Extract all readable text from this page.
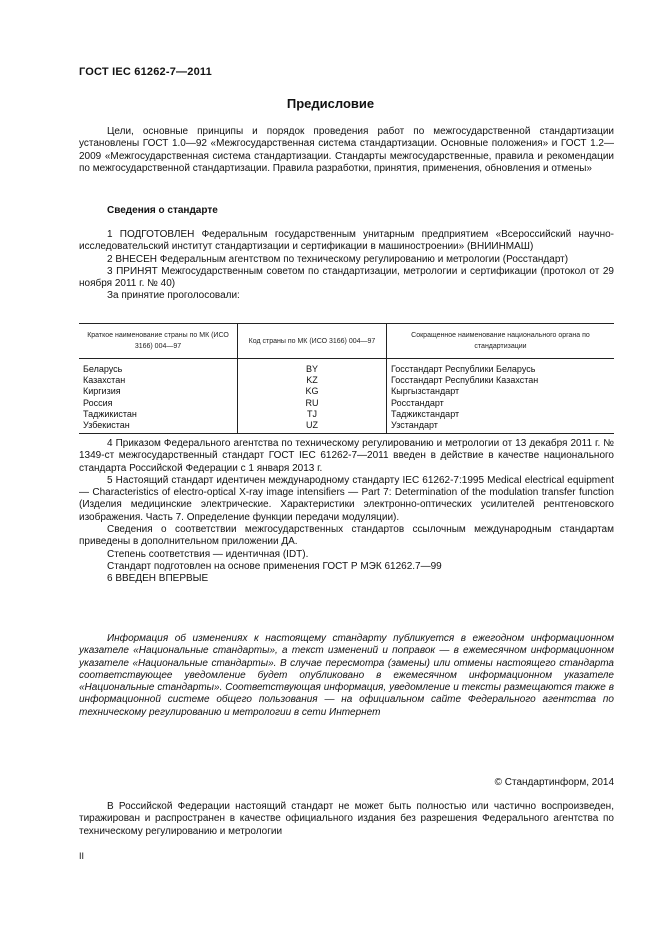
ГОСТ IEC 61262-7—2011
Предисловие

Цели, основные принципы и порядок проведения работ по межгосударственной стандартизации установлены ГОСТ 1.0—92 «Межгосударственная система стандартизации. Основные положения» и ГОСТ 1.2—2009 «Межгосударственная система стандартизации. Стандарты межгосударственные, правила и рекомендации по межгосударственной стандартизации. Правила разработки, принятия, применения, обновления и отмены»

Сведения о стандарте

1 ПОДГОТОВЛЕН Федеральным государственным унитарным предприятием «Всероссийский научно-исследовательский институт стандартизации и сертификации в машиностроении» (ВНИИНМАШ)

2 ВНЕСЕН Федеральным агентством по техническому регулированию и метрологии (Росстандарт)

3 ПРИНЯТ Межгосударственным советом по стандартизации, метрологии и сертификации (протокол от 29 ноября 2011 г. № 40)

За принятие проголосовали:

Краткое наименование страны по МК (ИСО 3166) 004—97	Код страны по МК (ИСО 3166) 004—97	Сокращенное наименование национального органа по стандартизации
Беларусь	BY	Госстандарт Республики Беларусь
Казахстан	KZ	Госстандарт Республики Казахстан
Киргизия	KG	Кыргызстандарт
Россия	RU	Росстандарт
Таджикистан	TJ	Таджикстандарт
Узбекистан	UZ	Узстандарт

4 Приказом Федерального агентства по техническому регулированию и метрологии от 13 декабря 2011 г. № 1349-ст межгосударственный стандарт ГОСТ IEC 61262-7—2011 введен в действие в качестве национального стандарта Российской Федерации с 1 января 2013 г.

5 Настоящий стандарт идентичен международному стандарту IEC 61262-7:1995 Medical electrical equipment — Characteristics of electro-optical X-ray image intensifiers — Part 7: Determination of the modulation transfer function (Изделия медицинские электрические. Характеристики электронно-оптических усилителей рентгеновского изображения. Часть 7. Определение функции передачи модуляции).

Сведения о соответствии межгосударственных стандартов ссылочным международным стандартам приведены в дополнительном приложении ДА.

Степень соответствия — идентичная (IDT).

Стандарт подготовлен на основе применения ГОСТ Р МЭК 61262.7—99

6 ВВЕДЕН ВПЕРВЫЕ

Информация об изменениях к настоящему стандарту публикуется в ежегодном информационном указателе «Национальные стандарты», а текст изменений и поправок — в ежемесячном информационном указателе «Национальные стандарты». В случае пересмотра (замены) или отмены настоящего стандарта соответствующее уведомление будет опубликовано в ежемесячном информационном указателе «Национальные стандарты». Соответствующая информация, уведомление и тексты размещаются также в информационной системе общего пользования — на официальном сайте Федерального агентства по техническому регулированию и метрологии в сети Интернет

© Стандартинформ, 2014

В Российской Федерации настоящий стандарт не может быть полностью или частично воспроизведен, тиражирован и распространен в качестве официального издания без разрешения Федерального агентства по техническому регулированию и метрологии

II
